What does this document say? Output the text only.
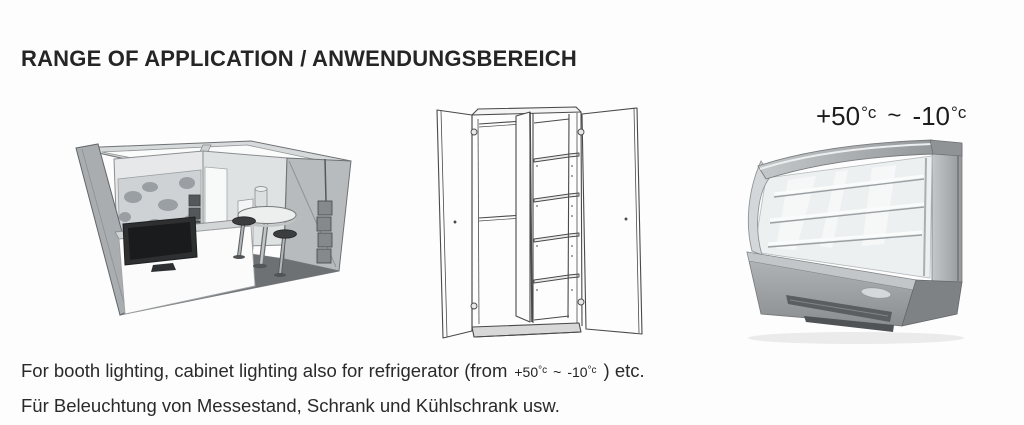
RANGE OF APPLICATION / ANWENDUNGSBEREICH
$+50^{^\circ c}$ ~ $-10^{^\circ c}$
For booth lighting, cabinet lighting also for refrigerator (from $+50^{^\circ c}$ ~ $-10^{^\circ c}$ ) etc.
Für Beleuchtung von Messestand, Schrank und Kühlschrank usw.
